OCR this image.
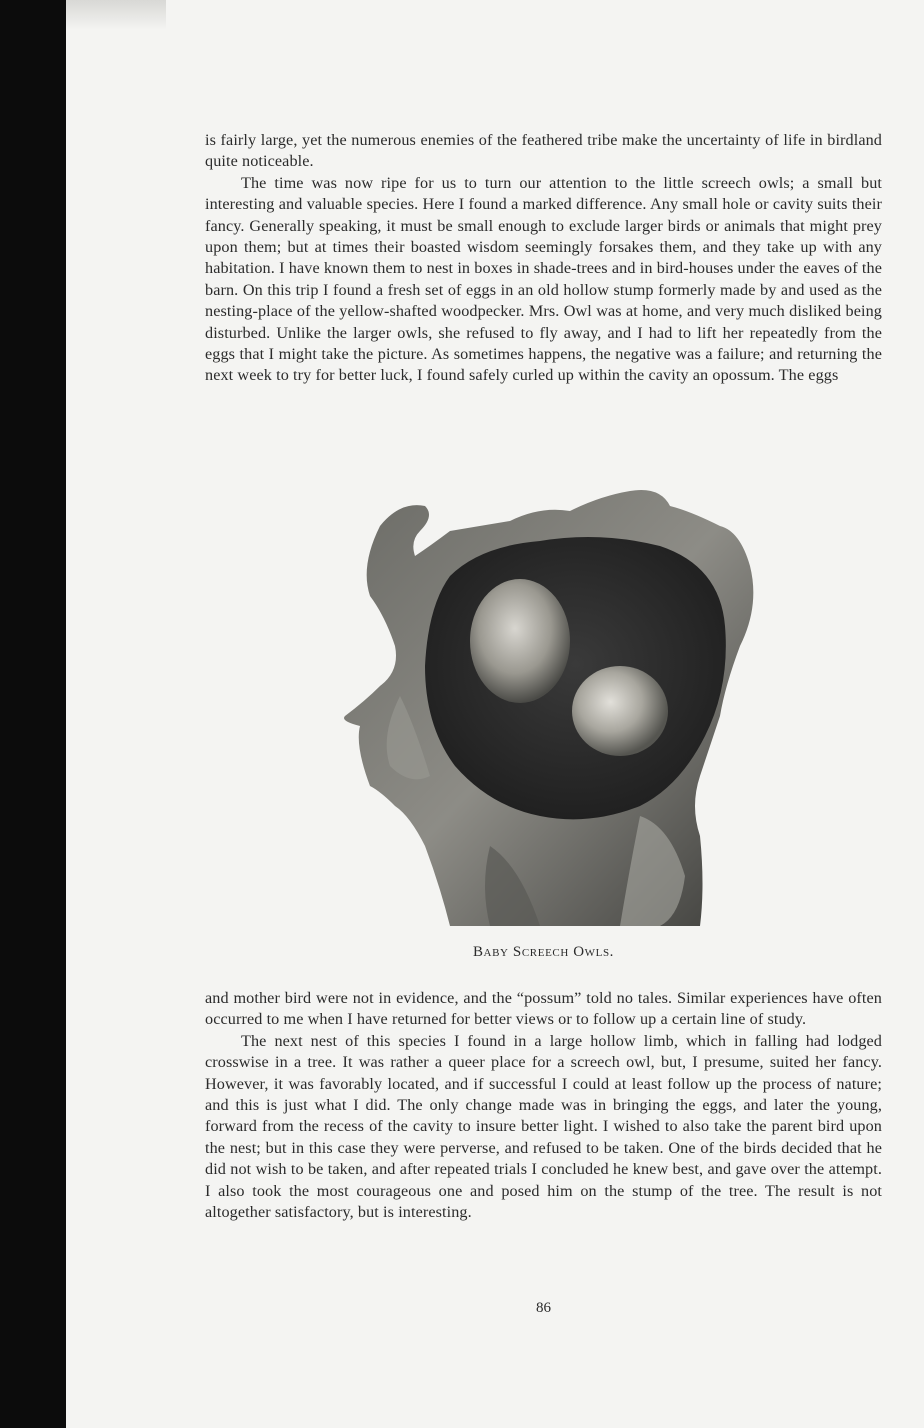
is fairly large, yet the numerous enemies of the feathered tribe make the uncertainty of life in birdland quite noticeable.

The time was now ripe for us to turn our attention to the little screech owls; a small but interesting and valuable species. Here I found a marked difference. Any small hole or cavity suits their fancy. Generally speaking, it must be small enough to exclude larger birds or animals that might prey upon them; but at times their boasted wisdom seemingly forsakes them, and they take up with any habitation. I have known them to nest in boxes in shade-trees and in bird-houses under the eaves of the barn. On this trip I found a fresh set of eggs in an old hollow stump formerly made by and used as the nesting-place of the yellow-shafted woodpecker. Mrs. Owl was at home, and very much disliked being disturbed. Unlike the larger owls, she refused to fly away, and I had to lift her repeatedly from the eggs that I might take the picture. As sometimes happens, the negative was a failure; and returning the next week to try for better luck, I found safely curled up within the cavity an opossum. The eggs

Baby Screech Owls.

and mother bird were not in evidence, and the “possum” told no tales. Similar experiences have often occurred to me when I have returned for better views or to follow up a certain line of study.

The next nest of this species I found in a large hollow limb, which in falling had lodged crosswise in a tree. It was rather a queer place for a screech owl, but, I presume, suited her fancy. However, it was favorably located, and if successful I could at least follow up the process of nature; and this is just what I did. The only change made was in bringing the eggs, and later the young, forward from the recess of the cavity to insure better light. I wished to also take the parent bird upon the nest; but in this case they were perverse, and refused to be taken. One of the birds decided that he did not wish to be taken, and after repeated trials I concluded he knew best, and gave over the attempt. I also took the most courageous one and posed him on the stump of the tree. The result is not altogether satisfactory, but is interesting.

86
